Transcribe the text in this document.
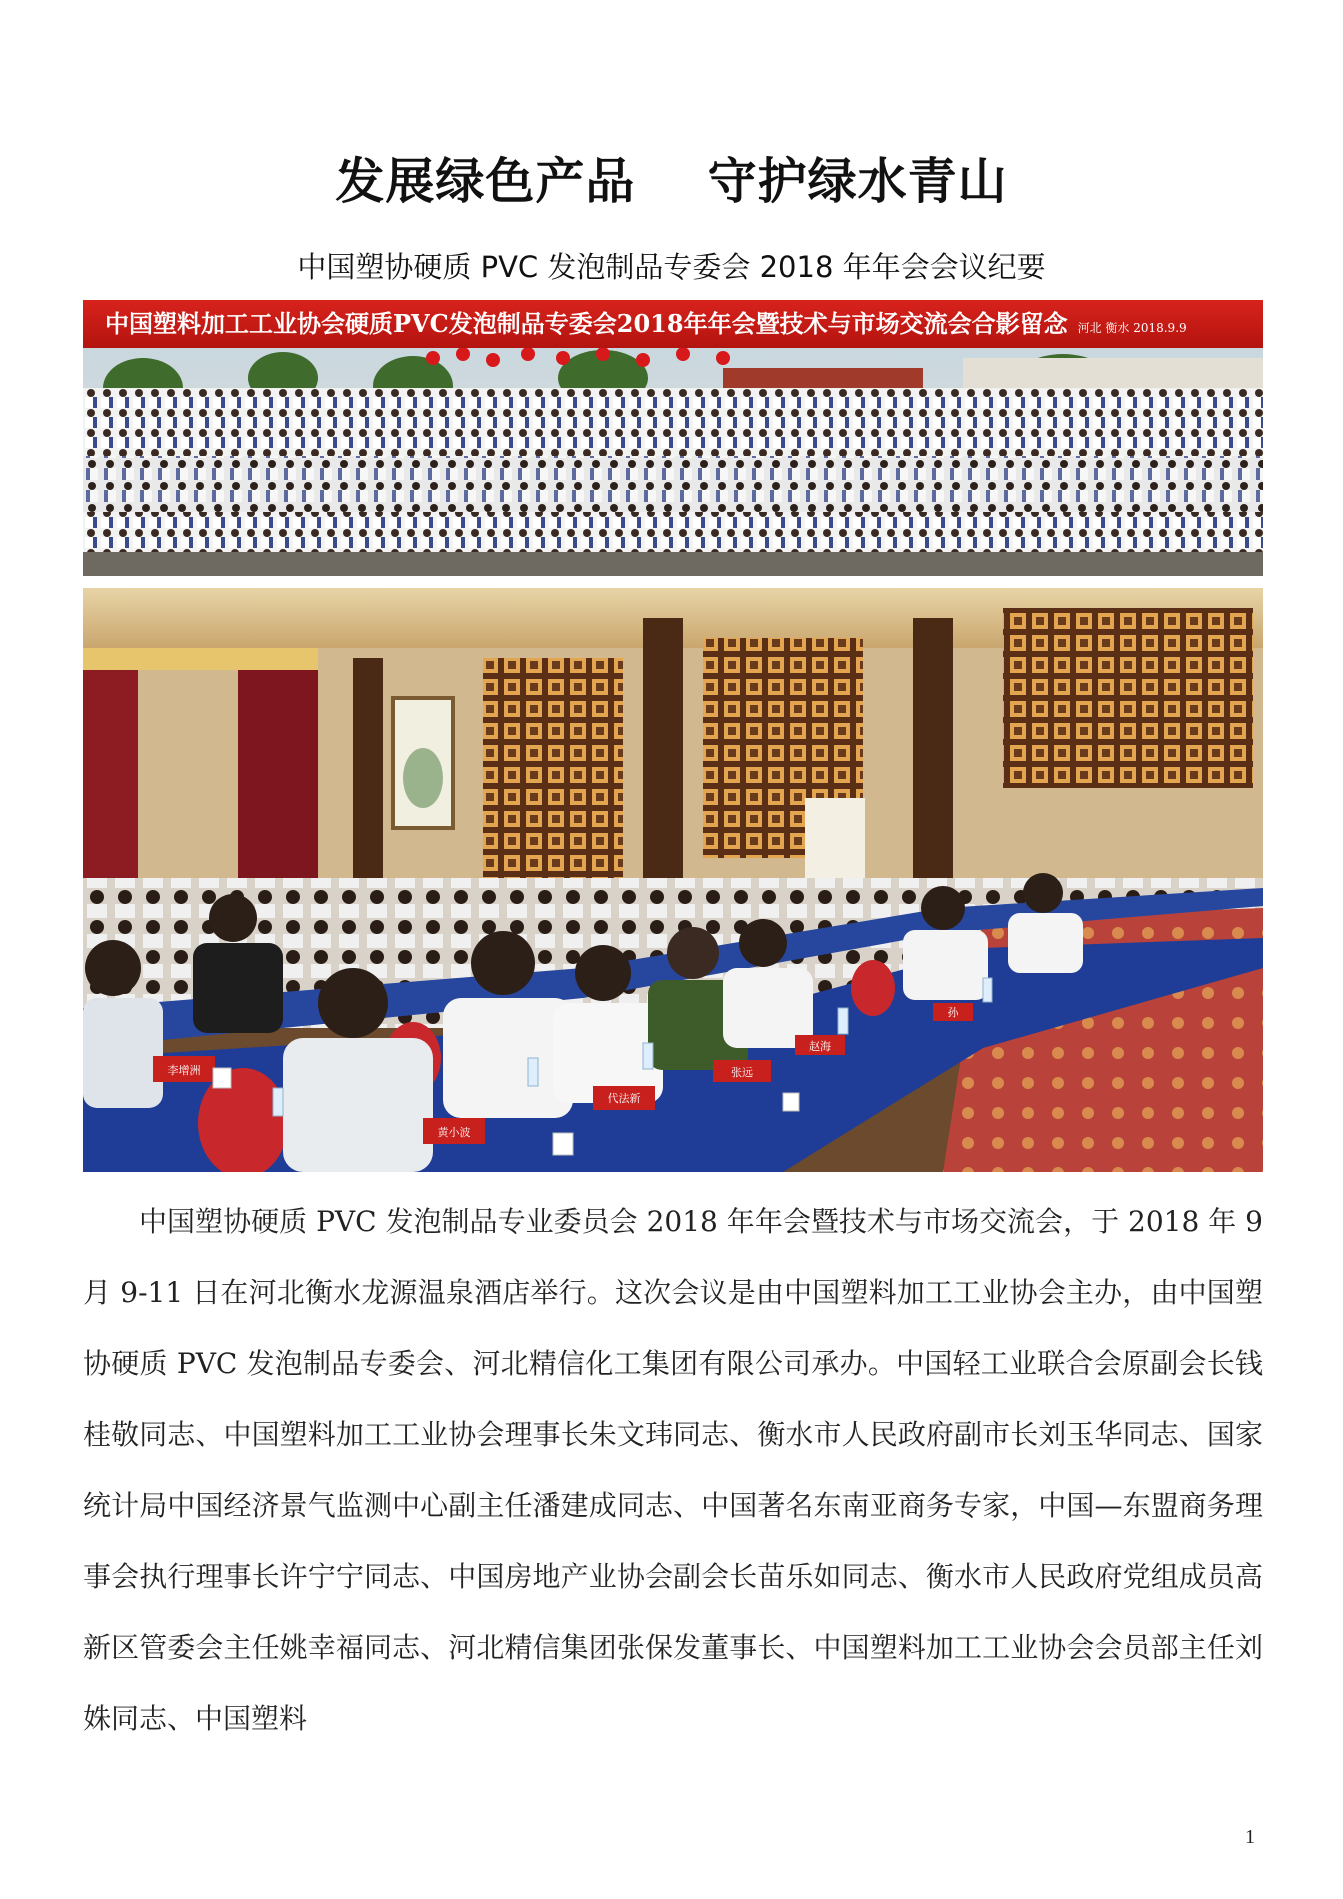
发展绿色产品    守护绿水青山
中国塑协硬质 PVC 发泡制品专委会 2018 年年会会议纪要
中国塑料加工工业协会硬质PVC发泡制品专委会2018年年会暨技术与市场交流会合影留念 河北 衡水 2018.9.9
李增洲
代法新
黄小波
张远
赵海
孙
中国塑协硬质 PVC 发泡制品专业委员会 2018 年年会暨技术与市场交流会，于 2018 年 9 月 9-11 日在河北衡水龙源温泉酒店举行。这次会议是由中国塑料加工工业协会主办，由中国塑协硬质 PVC 发泡制品专委会、河北精信化工集团有限公司承办。中国轻工业联合会原副会长钱桂敬同志、中国塑料加工工业协会理事长朱文玮同志、衡水市人民政府副市长刘玉华同志、国家统计局中国经济景气监测中心副主任潘建成同志、中国著名东南亚商务专家，中国—东盟商务理事会执行理事长许宁宁同志、中国房地产业协会副会长苗乐如同志、衡水市人民政府党组成员高新区管委会主任姚幸福同志、河北精信集团张保发董事长、中国塑料加工工业协会会员部主任刘姝同志、中国塑料
1
